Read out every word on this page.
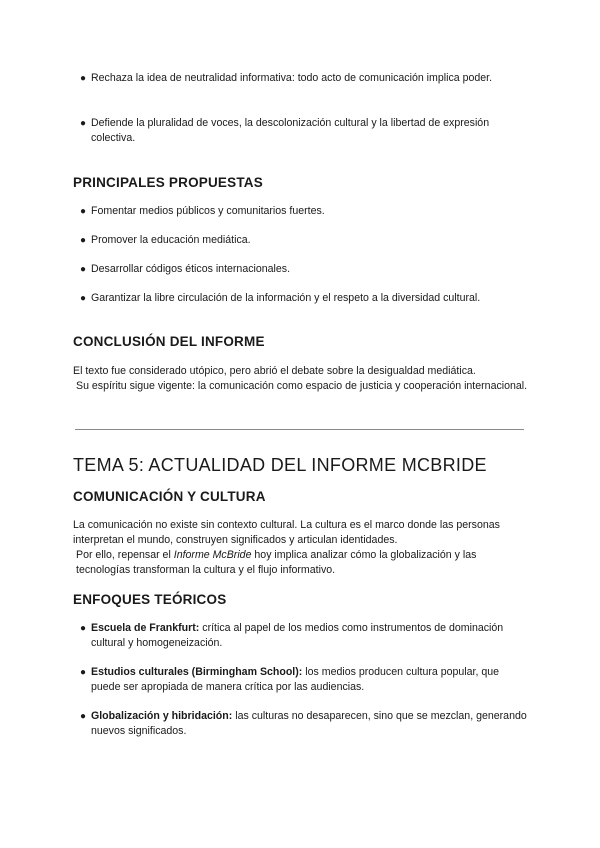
● Rechaza la idea de neutralidad informativa: todo acto de comunicación implica poder.
● Defiende la pluralidad de voces, la descolonización cultural y la libertad de expresión colectiva.
PRINCIPALES PROPUESTAS
● Fomentar medios públicos y comunitarios fuertes.
● Promover la educación mediática.
● Desarrollar códigos éticos internacionales.
● Garantizar la libre circulación de la información y el respeto a la diversidad cultural.
CONCLUSIÓN DEL INFORME
El texto fue considerado utópico, pero abrió el debate sobre la desigualdad mediática.
Su espíritu sigue vigente: la comunicación como espacio de justicia y cooperación internacional.
TEMA 5: ACTUALIDAD DEL INFORME MCBRIDE
COMUNICACIÓN Y CULTURA
La comunicación no existe sin contexto cultural. La cultura es el marco donde las personas interpretan el mundo, construyen significados y articulan identidades.
Por ello, repensar el Informe McBride hoy implica analizar cómo la globalización y las tecnologías transforman la cultura y el flujo informativo.
ENFOQUES TEÓRICOS
● Escuela de Frankfurt: crítica al papel de los medios como instrumentos de dominación cultural y homogeneización.
● Estudios culturales (Birmingham School): los medios producen cultura popular, que puede ser apropiada de manera crítica por las audiencias.
● Globalización y hibridación: las culturas no desaparecen, sino que se mezclan, generando nuevos significados.
